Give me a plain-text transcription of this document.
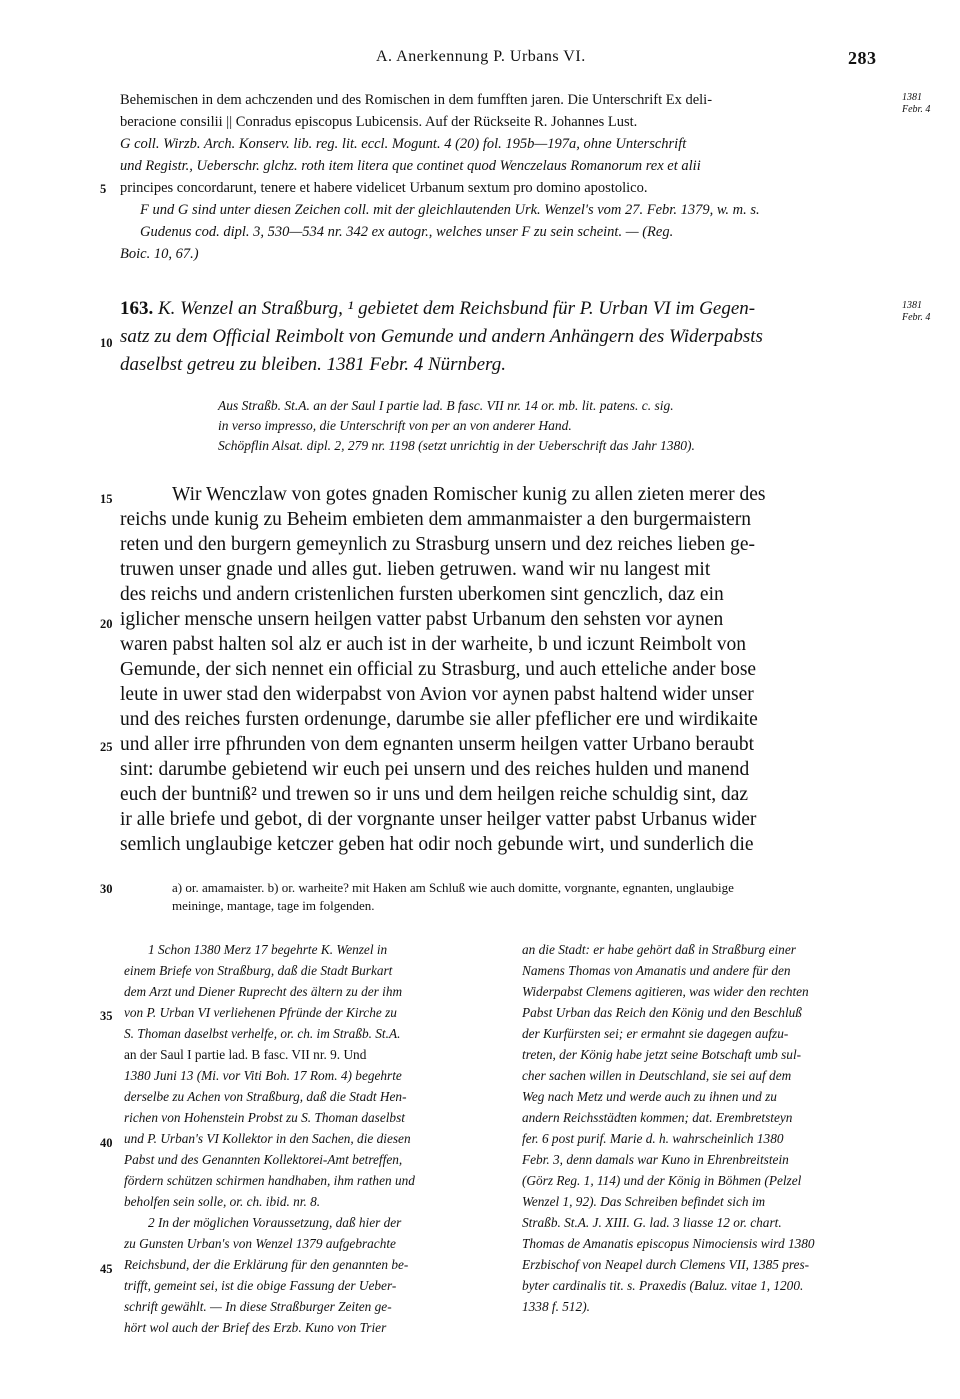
A. Anerkennung P. Urbans VI.	283
Behemischen in dem achczenden und des Romischen in dem fumfften jaren. Die Unterschrift Ex deli-
beracione consilii || Conradus episcopus Lubicensis. Auf der Rückseite R. Johannes Lust.
G coll. Wirzb. Arch. Konserv. lib. reg. lit. eccl. Mogunt. 4 (20) fol. 195b—197a, ohne Unterschrift
und Registr., Ueberschr. glchz. roth item litera que continet quod Wenczelaus Romanorum rex et alii
principes concordarunt, tenere et habere videlicet Urbanum sextum pro domino apostolico.
F und G sind unter diesen Zeichen coll. mit der gleichlautenden Urk. Wenzel's vom 27. Febr. 1379, w. m. s.
Gudenus cod. dipl. 3, 530—534 nr. 342 ex autogr., welches unser F zu sein scheint. — (Reg.
Boic. 10, 67.)
1381
Febr. 4
5
10
15
20
25
30
35
40
45
163. K. Wenzel an Straßburg, ¹ gebietet dem Reichsbund für P. Urban VI im Gegen-
satz zu dem Official Reimbolt von Gemunde und andern Anhängern des Widerpabsts
daselbst getreu zu bleiben. 1381 Febr. 4 Nürnberg.
1381
Febr. 4
Aus Straßb. St.A. an der Saul I partie lad. B fasc. VII nr. 14 or. mb. lit. patens. c. sig.
in verso impresso, die Unterschrift von per an von anderer Hand.
Schöpflin Alsat. dipl. 2, 279 nr. 1198 (setzt unrichtig in der Ueberschrift das Jahr 1380).
Wir Wenczlaw von gotes gnaden Romischer kunig zu allen zieten merer des
reichs unde kunig zu Beheim embieten dem ammanmaister a den burgermaistern
reten und den burgern gemeynlich zu Strasburg unsern und dez reiches lieben ge-
truwen unser gnade und alles gut. lieben getruwen. wand wir nu langest mit
des reichs und andern cristenlichen fursten uberkomen sint genczlich, daz ein
iglicher mensche unsern heilgen vatter pabst Urbanum den sehsten vor aynen
waren pabst halten sol alz er auch ist in der warheite, b und iczunt Reimbolt von
Gemunde, der sich nennet ein official zu Strasburg, und auch etteliche ander bose
leute in uwer stad den widerpabst von Avion vor aynen pabst haltend wider unser
und des reiches fursten ordenunge, darumbe sie aller pfeflicher ere und wirdikaite
und aller irre pfhrunden von dem egnanten unserm heilgen vatter Urbano beraubt
sint: darumbe gebietend wir euch pei unsern und des reiches hulden und manend
euch der buntniß² und trewen so ir uns und dem heilgen reiche schuldig sint, daz
ir alle briefe und gebot, di der vorgnante unser heilger vatter pabst Urbanus wider
semlich unglaubige ketczer geben hat odir noch gebunde wirt, und sunderlich die
a) or. amamaister. b) or. warheite? mit Haken am Schluß wie auch domitte, vorgnante, egnanten, unglaubige
meininge, mantage, tage im folgenden.
1 Schon 1380 Merz 17 begehrte K. Wenzel in
einem Briefe von Straßburg, daß die Stadt Burkart
dem Arzt und Diener Ruprecht des ältern zu der ihm
von P. Urban VI verliehenen Pfründe der Kirche zu
S. Thoman daselbst verhelfe, or. ch. im Straßb. St.A.
an der Saul I partie lad. B fasc. VII nr. 9. Und
1380 Juni 13 (Mi. vor Viti Boh. 17 Rom. 4) begehrte
derselbe zu Achen von Straßburg, daß die Stadt Hen-
richen von Hohenstein Probst zu S. Thoman daselbst
und P. Urban's VI Kollektor in den Sachen, die diesen
Pabst und des Genannten Kollektorei-Amt betreffen,
fördern schützen schirmen handhaben, ihm rathen und
beholfen sein solle, or. ch. ibid. nr. 8.
2 In der möglichen Voraussetzung, daß hier der
zu Gunsten Urban's von Wenzel 1379 aufgebrachte
Reichsbund, der die Erklärung für den genannten be-
trifft, gemeint sei, ist die obige Fassung der Ueber-
schrift gewählt. — In diese Straßburger Zeiten ge-
hört wol auch der Brief des Erzb. Kuno von Trier
an die Stadt: er habe gehört daß in Straßburg einer
Namens Thomas von Amanatis und andere für den
Widerpabst Clemens agitieren, was wider den rechten
Pabst Urban das Reich den König und den Beschluß
der Kurfürsten sei; er ermahnt sie dagegen aufzu-
treten, der König habe jetzt seine Botschaft umb sul-
cher sachen willen in Deutschland, sie sei auf dem
Weg nach Metz und werde auch zu ihnen und zu
andern Reichsstädten kommen; dat. Erembretsteyn
fer. 6 post purif. Marie d. h. wahrscheinlich 1380
Febr. 3, denn damals war Kuno in Ehrenbreitstein
(Görz Reg. 1, 114) und der König in Böhmen (Pelzel
Wenzel 1, 92). Das Schreiben befindet sich im
Straßb. St.A. J. XIII. G. lad. 3 liasse 12 or. chart.
Thomas de Amanatis episcopus Nimociensis wird 1380
Erzbischof von Neapel durch Clemens VII, 1385 pres-
byter cardinalis tit. s. Praxedis (Baluz. vitae 1, 1200.
1338 f. 512).
